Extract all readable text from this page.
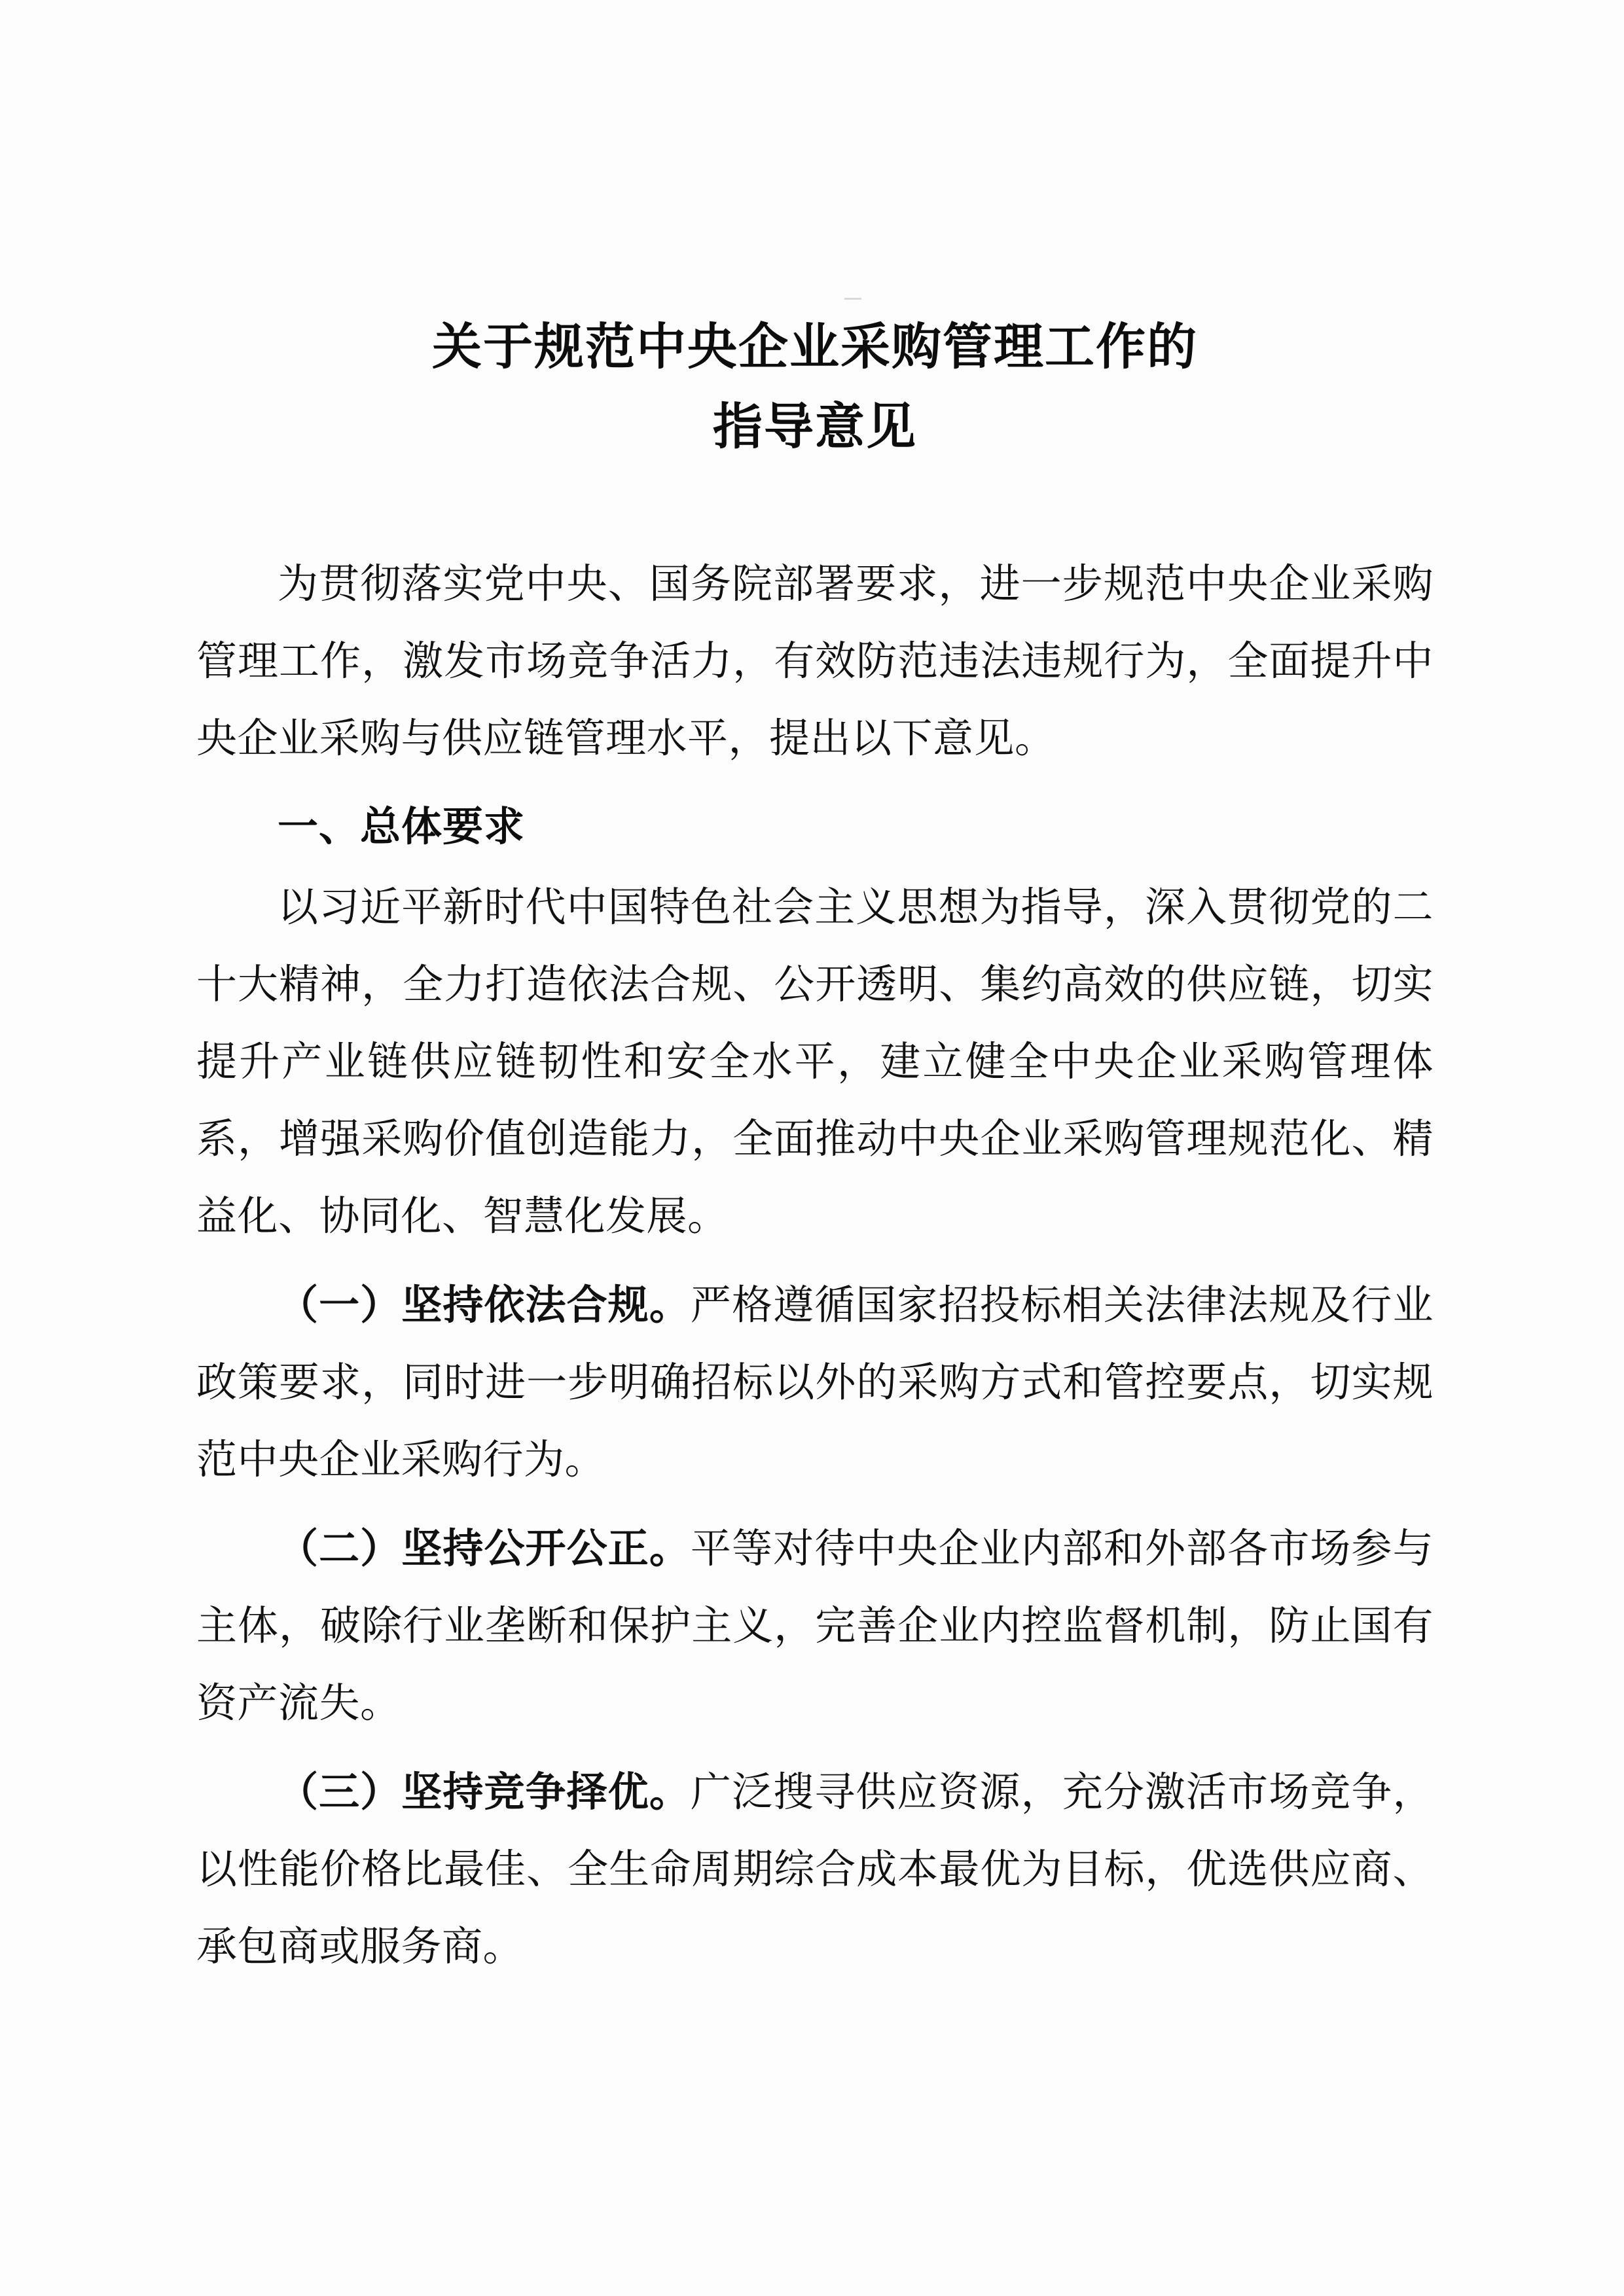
关于规范中央企业采购管理工作的
指导意见

为贯彻落实党中央、国务院部署要求，进一步规范中央企业采购管理工作，激发市场竞争活力，有效防范违法违规行为，全面提升中央企业采购与供应链管理水平，提出以下意见。

一、总体要求

以习近平新时代中国特色社会主义思想为指导，深入贯彻党的二十大精神，全力打造依法合规、公开透明、集约高效的供应链，切实提升产业链供应链韧性和安全水平，建立健全中央企业采购管理体系，增强采购价值创造能力，全面推动中央企业采购管理规范化、精益化、协同化、智慧化发展。

（一）坚持依法合规。严格遵循国家招投标相关法律法规及行业政策要求，同时进一步明确招标以外的采购方式和管控要点，切实规范中央企业采购行为。

（二）坚持公开公正。平等对待中央企业内部和外部各市场参与主体，破除行业垄断和保护主义，完善企业内控监督机制，防止国有资产流失。

（三）坚持竞争择优。广泛搜寻供应资源，充分激活市场竞争，以性能价格比最佳、全生命周期综合成本最优为目标，优选供应商、承包商或服务商。
